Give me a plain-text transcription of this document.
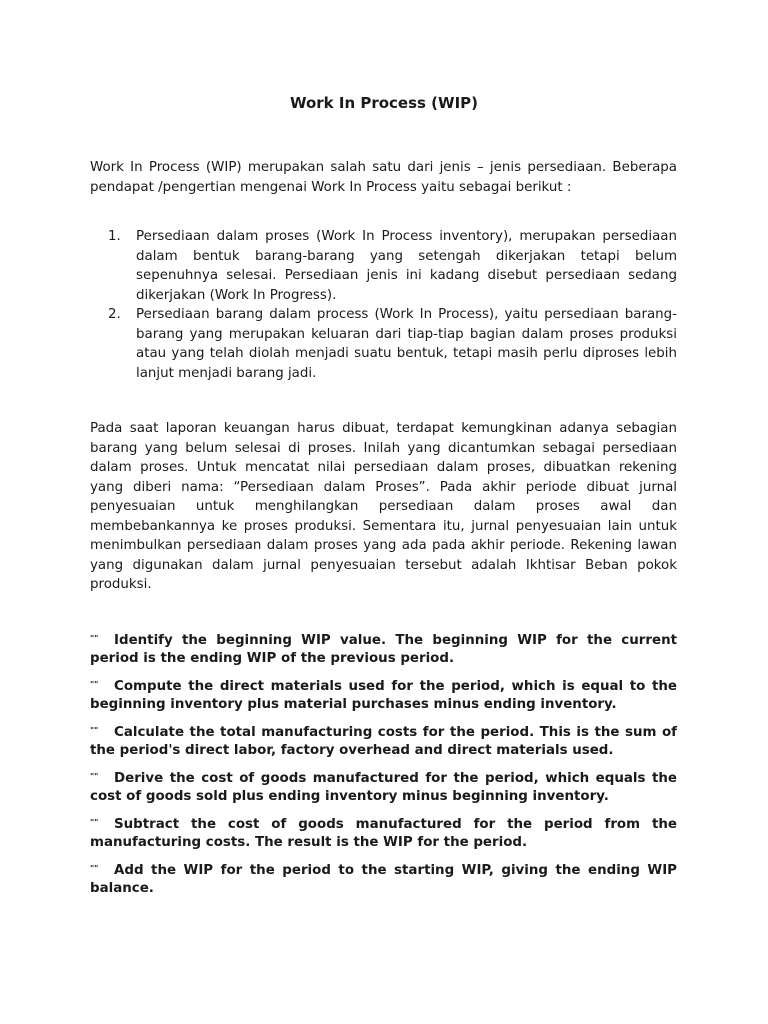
Work In Process (WIP)

Work In Process (WIP) merupakan salah satu dari jenis – jenis persediaan. Beberapa pendapat /pengertian mengenai Work In Process yaitu sebagai berikut :

1. Persediaan dalam proses (Work In Process inventory), merupakan persediaan dalam bentuk barang-barang yang setengah dikerjakan tetapi belum sepenuhnya selesai. Persediaan jenis ini kadang disebut persediaan sedang dikerjakan (Work In Progress).
2. Persediaan barang dalam process (Work In Process), yaitu persediaan barang-barang yang merupakan keluaran dari tiap-tiap bagian dalam proses produksi atau yang telah diolah menjadi suatu bentuk, tetapi masih perlu diproses lebih lanjut menjadi barang jadi.

Pada saat laporan keuangan harus dibuat, terdapat kemungkinan adanya sebagian barang yang belum selesai di proses. Inilah yang dicantumkan sebagai persediaan dalam proses. Untuk mencatat nilai persediaan dalam proses, dibuatkan rekening yang diberi nama: “Persediaan dalam Proses”. Pada akhir periode dibuat jurnal penyesuaian untuk menghilangkan persediaan dalam proses awal dan membebankannya ke proses produksi. Sementara itu, jurnal penyesuaian lain untuk menimbulkan persediaan dalam proses yang ada pada akhir periode. Rekening lawan yang digunakan dalam jurnal penyesuaian tersebut adalah Ikhtisar Beban pokok produksi.

"" Identify the beginning WIP value. The beginning WIP for the current period is the ending WIP of the previous period.

"" Compute the direct materials used for the period, which is equal to the beginning inventory plus material purchases minus ending inventory.

"" Calculate the total manufacturing costs for the period. This is the sum of the period's direct labor, factory overhead and direct materials used.

"" Derive the cost of goods manufactured for the period, which equals the cost of goods sold plus ending inventory minus beginning inventory.

"" Subtract the cost of goods manufactured for the period from the manufacturing costs. The result is the WIP for the period.

"" Add the WIP for the period to the starting WIP, giving the ending WIP balance.
